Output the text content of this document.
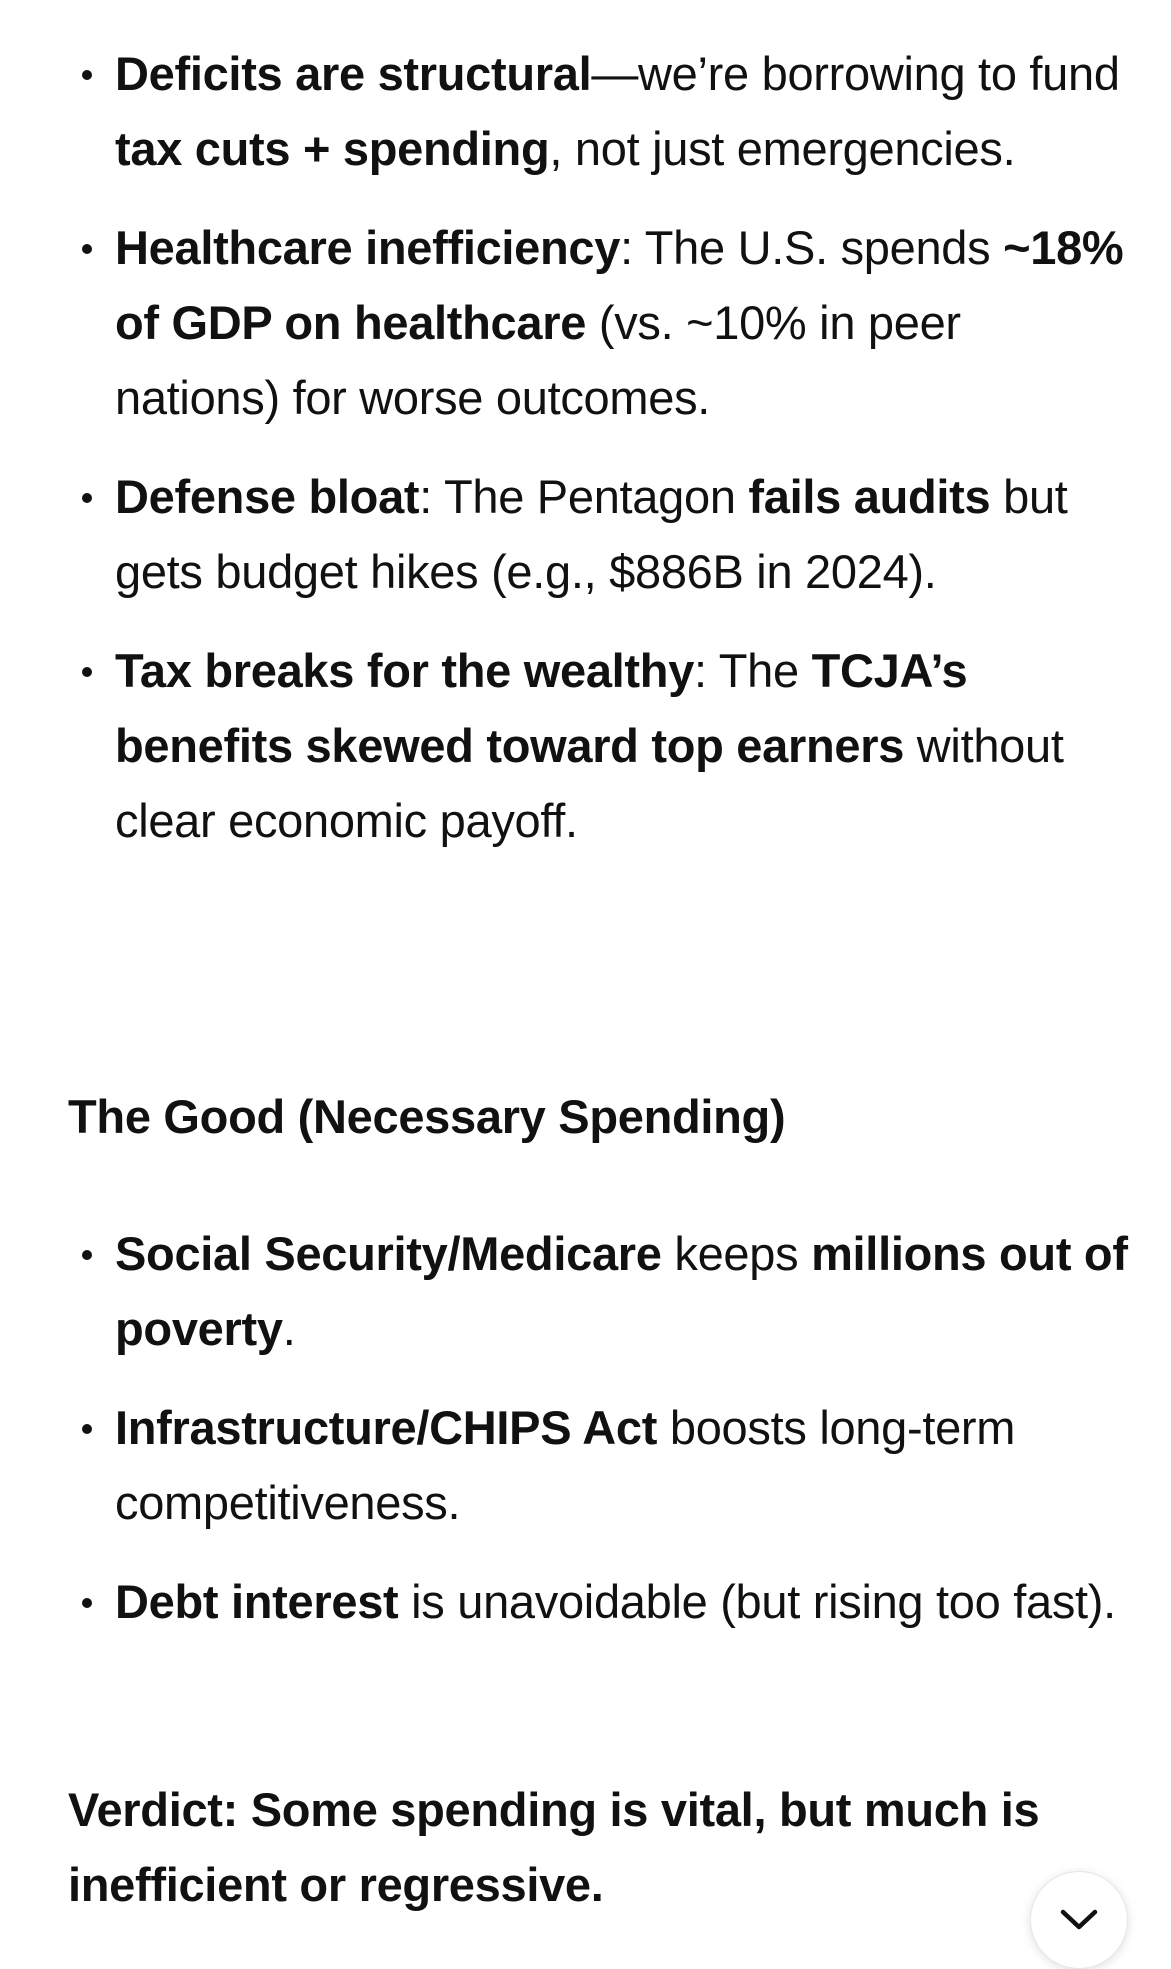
Deficits are structural—we’re borrowing to fund tax cuts + spending, not just emergencies.
Healthcare inefficiency: The U.S. spends ~18% of GDP on healthcare (vs. ~10% in peer nations) for worse outcomes.
Defense bloat: The Pentagon fails audits but gets budget hikes (e.g., $886B in 2024).
Tax breaks for the wealthy: The TCJA’s benefits skewed toward top earners without clear economic payoff.
The Good (Necessary Spending)
Social Security/Medicare keeps millions out of poverty.
Infrastructure/CHIPS Act boosts long-term competitiveness.
Debt interest is unavoidable (but rising too fast).

Verdict: Some spending is vital, but much is inefficient or regressive.
